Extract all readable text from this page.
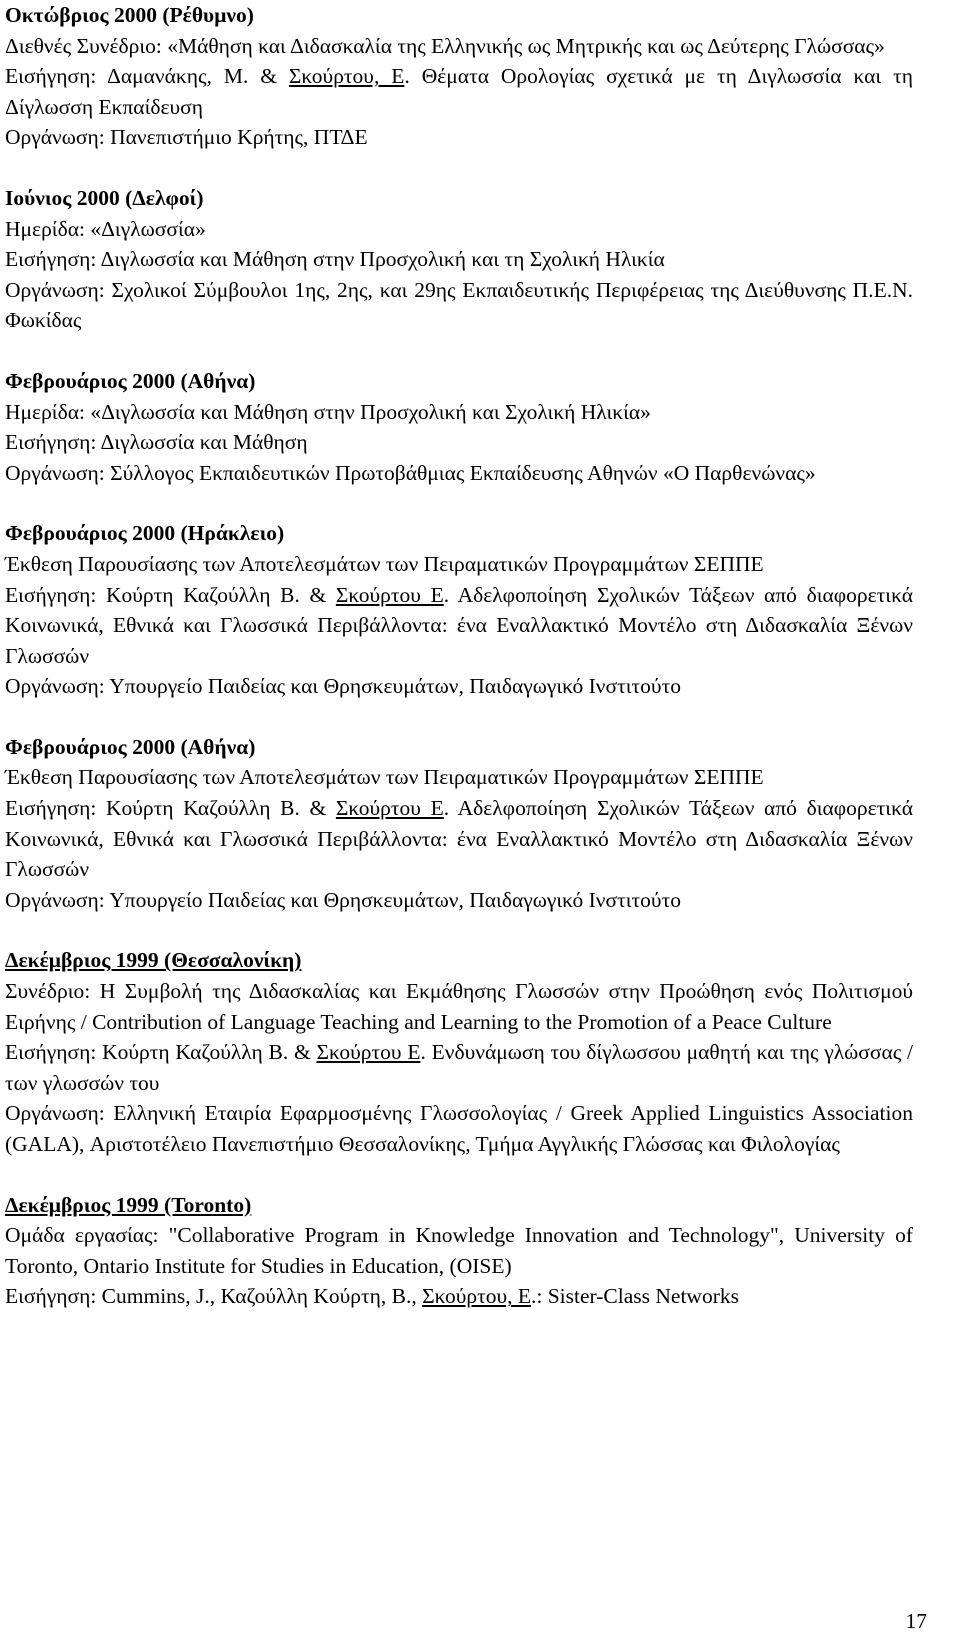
Οκτώβριος 2000 (Ρέθυμνο)
Διεθνές Συνέδριο: «Μάθηση και Διδασκαλία της Ελληνικής ως Μητρικής και ως Δεύτερης Γλώσσας»
Εισήγηση: Δαμανάκης, Μ. & Σκούρτου, Ε. Θέματα Ορολογίας σχετικά με τη Διγλωσσία και τη Δίγλωσση Εκπαίδευση
Οργάνωση: Πανεπιστήμιο Κρήτης, ΠΤΔΕ
Ιούνιος 2000 (Δελφοί)
Ημερίδα: «Διγλωσσία»
Εισήγηση: Διγλωσσία και Μάθηση στην Προσχολική και τη Σχολική Ηλικία
Οργάνωση: Σχολικοί Σύμβουλοι 1ης, 2ης, και 29ης Εκπαιδευτικής Περιφέρειας της Διεύθυνσης Π.Ε.Ν. Φωκίδας
Φεβρουάριος 2000 (Αθήνα)
Ημερίδα: «Διγλωσσία και Μάθηση στην Προσχολική και Σχολική Ηλικία»
Εισήγηση: Διγλωσσία και Μάθηση
Οργάνωση: Σύλλογος Εκπαιδευτικών Πρωτοβάθμιας Εκπαίδευσης Αθηνών «Ο Παρθενώνας»
Φεβρουάριος 2000 (Ηράκλειο)
Έκθεση Παρουσίασης των Αποτελεσμάτων των Πειραματικών Προγραμμάτων ΣΕΠΠΕ
Εισήγηση: Κούρτη Καζούλλη Β. & Σκούρτου Ε. Αδελφοποίηση Σχολικών Τάξεων από διαφορετικά Κοινωνικά, Εθνικά και Γλωσσικά Περιβάλλοντα: ένα Εναλλακτικό Μοντέλο στη Διδασκαλία Ξένων Γλωσσών
Οργάνωση: Υπουργείο Παιδείας και Θρησκευμάτων, Παιδαγωγικό Ινστιτούτο
Φεβρουάριος 2000 (Αθήνα)
Έκθεση Παρουσίασης των Αποτελεσμάτων των Πειραματικών Προγραμμάτων ΣΕΠΠΕ
Εισήγηση: Κούρτη Καζούλλη Β. & Σκούρτου Ε. Αδελφοποίηση Σχολικών Τάξεων από διαφορετικά Κοινωνικά, Εθνικά και Γλωσσικά Περιβάλλοντα: ένα Εναλλακτικό Μοντέλο στη Διδασκαλία Ξένων Γλωσσών
Οργάνωση: Υπουργείο Παιδείας και Θρησκευμάτων, Παιδαγωγικό Ινστιτούτο
Δεκέμβριος 1999 (Θεσσαλονίκη)
Συνέδριο: Η Συμβολή της Διδασκαλίας και Εκμάθησης Γλωσσών στην Προώθηση ενός Πολιτισμού Ειρήνης / Contribution of Language Teaching and Learning to the Promotion of a Peace Culture
Εισήγηση: Κούρτη Καζούλλη Β. & Σκούρτου Ε. Ενδυνάμωση του δίγλωσσου μαθητή και της γλώσσας /των γλωσσών του
Οργάνωση: Ελληνική Εταιρία Εφαρμοσμένης Γλωσσολογίας / Greek Applied Linguistics Association (GALA), Αριστοτέλειο Πανεπιστήμιο Θεσσαλονίκης, Τμήμα Αγγλικής Γλώσσας και Φιλολογίας
Δεκέμβριος 1999 (Toronto)
Ομάδα εργασίας: "Collaborative Program in Knowledge Innovation and Technology", University of Toronto, Ontario Institute for Studies in Education, (OISE)
Εισήγηση: Cummins, J., Καζούλλη Κούρτη, Β., Σκούρτου, Ε.: Sister-Class Networks
17
